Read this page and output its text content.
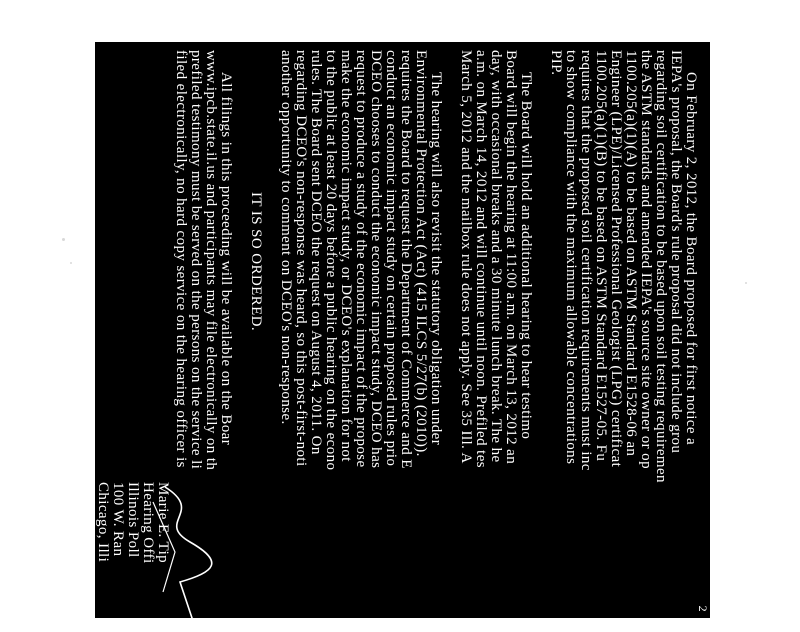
2
On February 2, 2012, the Board proposed for first notice a
IEPA's proposal, the Board's rule proposal did not include grou
regarding soil certification to be based upon soil testing requiremen
the ASTM standards and amended IEPA's source site owner or op
1100.205(a)(1)(A) to be based on ASTM Standard E1528-06 an
Engineer (LPE)/Licensed Professional Geologist (LPG) certificat
1100.205(a)(1)(B) to be based on ASTM Standard E1527-05. Fu
requires that the proposed soil certification requirements must inc
to show compliance with the maximum allowable concentrations
PIP.
The Board will hold an additional hearing to hear testimo
Board will begin the hearing at 11:00 a.m. on March 13, 2012 an
day, with occasional breaks and a 30 minute lunch break. The he
a.m. on March 14, 2012 and will continue until noon. Prefiled tes
March 5, 2012 and the mailbox rule does not apply. See 35 Ill. A
The hearing will also revisit the statutory obligation under
Environmental Protection Act (Act) (415 ILCS 5/27(b) (2010)).
requires the Board to request the Department of Commerce and E
conduct an economic impact study on certain proposed rules prio
DCEO chooses to conduct the economic impact study, DCEO has
request to produce a study of the economic impact of the propose
make the economic impact study, or DCEO's explanation for not
to the public at least 20 days before a public hearing on the econo
rules. The Board sent DCEO the request on August 4, 2011. On
regarding DCEO's non-response was heard, so this post-first-noti
another opportunity to comment on DCEO's non-response.
IT IS SO ORDERED.
All filings in this proceeding will be available on the Boar
www.ipcb.state.il.us and participants may file electronically on th
prefiled testimony must be served on the persons on the service li
filed electronically, no hard copy service on the hearing officer is
Marie E. Tip
Hearing Offi
Illinois Poll
100 W. Ran
Chicago, Illi
(312) 814-49
tipsorm@ipc
